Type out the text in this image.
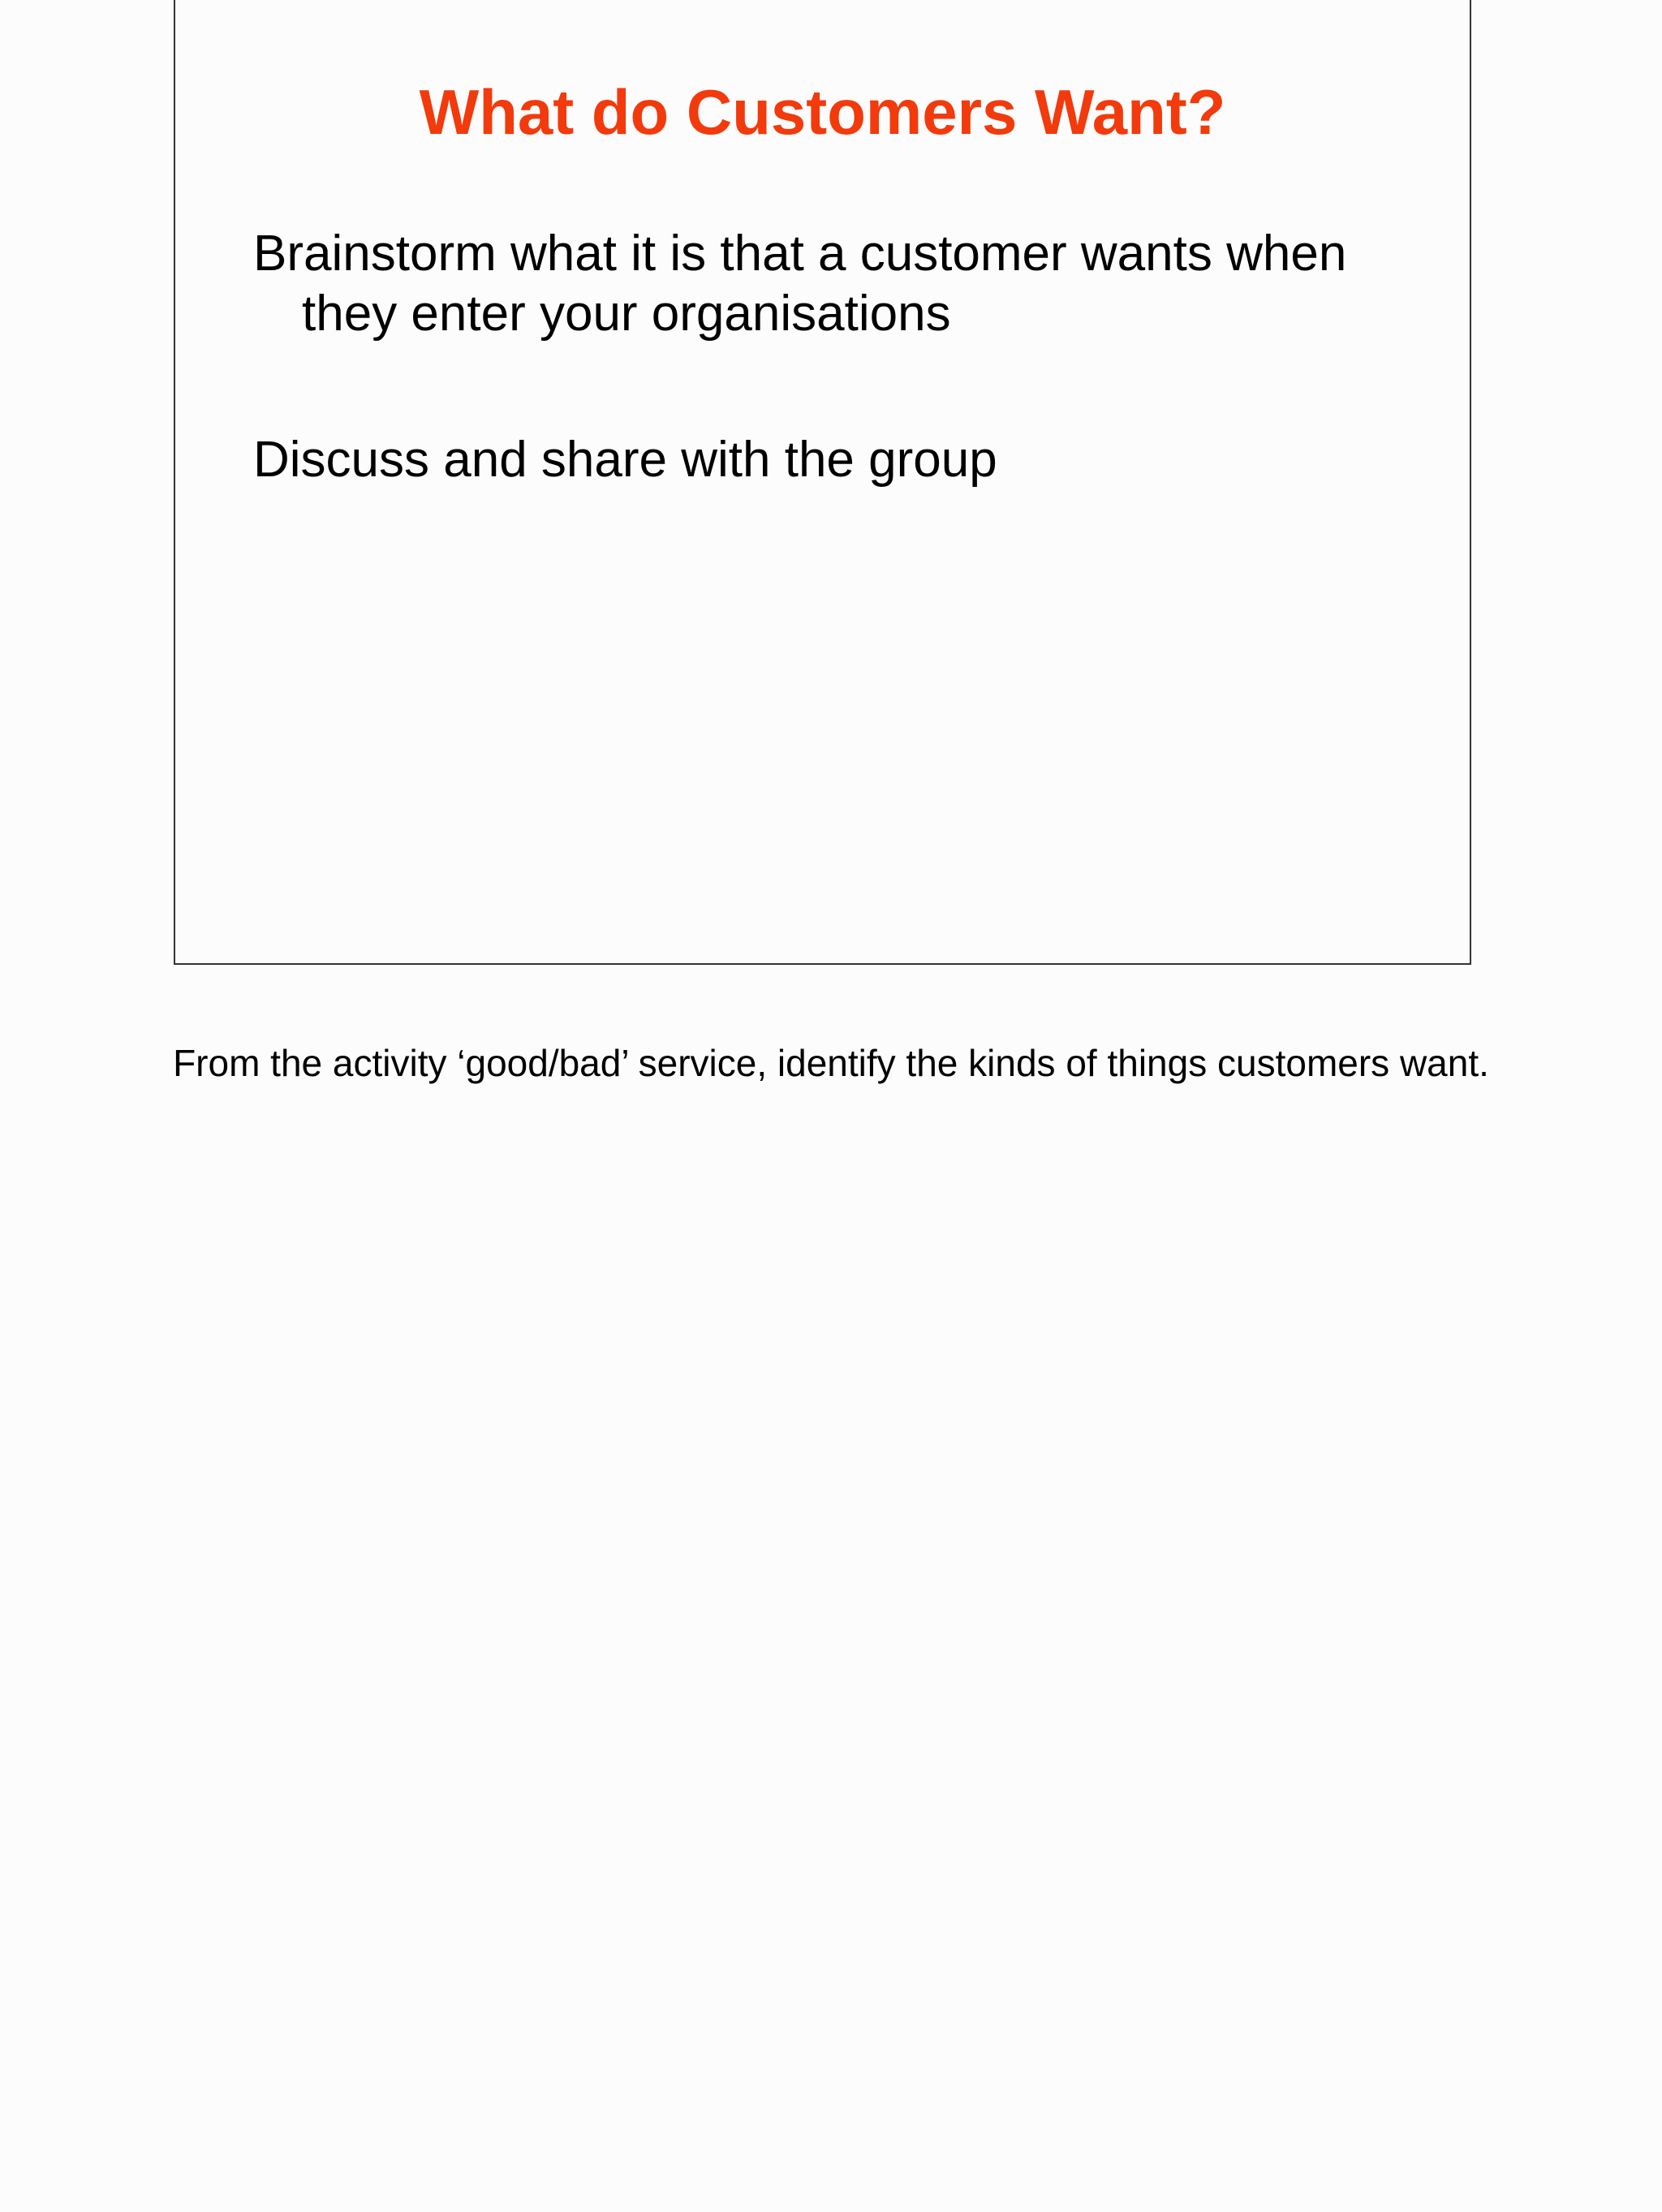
What do Customers Want?
Brainstorm what it is that a customer wants when they enter your organisations
Discuss and share with the group

From the activity ‘good/bad’ service, identify the kinds of things customers want.
